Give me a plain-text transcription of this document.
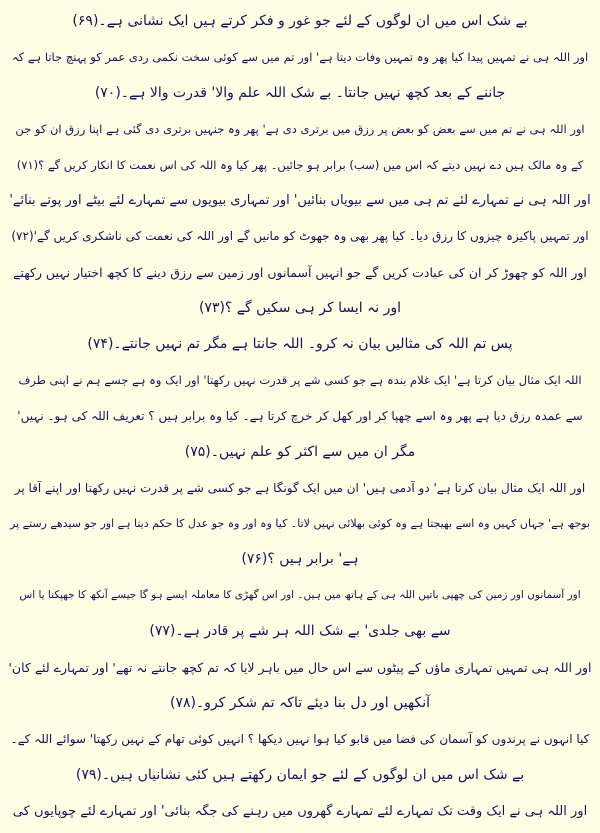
بے شک اس میں ان لوگوں کے لئے جو غور و فکر کرتے ہیں ایک نشانی ہے۔(۶۹)
اور اللہ ہی نے تمہیں پیدا کیا پھر وہ تمہیں وفات دیتا ہے' اور تم میں سے کوئی سخت نکمی ردی عمر کو پہنچ جاتا ہے کہ
جاننے کے بعد کچھ نہیں جانتا۔ بے شک اللہ علم والا' قدرت والا ہے۔(۷۰)
اور اللہ ہی نے تم میں سے بعض کو بعض پر رزق میں برتری دی ہے' پھر وہ جنہیں برتری دی گئی ہے اپنا رزق ان کو جن
کے وہ مالک ہیں دے نہیں دیتے کہ اس میں (سب) برابر ہو جائیں۔ پھر کیا وہ اللہ کی اس نعمت کا انکار کریں گے ؟(۷۱)
اور اللہ ہی نے تمہارے لئے تم ہی میں سے بیویاں بنائیں' اور تمہاری بیویوں سے تمہارے لئے بیٹے اور پوتے بنائے'
اور تمہیں پاکیزہ چیزوں کا رزق دیا۔ کیا پھر بھی وہ جھوٹ کو مانیں گے اور اللہ کی نعمت کی ناشکری کریں گے'(۷۲)
اور اللہ کو چھوڑ کر ان کی عبادت کریں گے جو انہیں آسمانوں اور زمین سے رزق دینے کا کچھ اختیار نہیں رکھتے
اور نہ ایسا کر ہی سکیں گے ؟(۷۳)
پس تم اللہ کی مثالیں بیان نہ کرو۔ اللہ جانتا ہے مگر تم نہیں جانتے۔(۷۴)
اللہ ایک مثال بیان کرتا ہے' ایک غلام بندہ ہے جو کسی شے پر قدرت نہیں رکھتا' اور ایک وہ ہے جسے ہم نے اپنی طرف
سے عمدہ رزق دیا ہے پھر وہ اسے چھپا کر اور کھل کر خرچ کرتا ہے۔ کیا وہ برابر ہیں ؟ تعریف اللہ کی ہو۔ نہیں'
مگر ان میں سے اکثر کو علم نہیں۔(۷۵)
اور اللہ ایک مثال بیان کرتا ہے' دو آدمی ہیں' ان میں ایک گونگا ہے جو کسی شے پر قدرت نہیں رکھتا اور اپنے آقا پر
بوجھ ہے' جہاں کہیں وہ اسے بھیجتا ہے وہ کوئی بھلائی نہیں لاتا۔ کیا وہ اور وہ جو عدل کا حکم دیتا ہے اور جو سیدھے رستے پر
ہے' برابر ہیں ؟(۷۶)
اور آسمانوں اور زمین کی چھپی باتیں اللہ ہی کے ہاتھ میں ہیں۔ اور اس گھڑی کا معاملہ ایسے ہو گا جیسے آنکھ کا جھپکنا یا اس
سے بھی جلدی' بے شک اللہ ہر شے پر قادر ہے۔(۷۷)
اور اللہ ہی تمہیں تمہاری ماؤں کے پیٹوں سے اس حال میں باہر لایا کہ تم کچھ جانتے نہ تھے' اور تمہارے لئے کان'
آنکھیں اور دل بنا دیئے تاکہ تم شکر کرو۔(۷۸)
کیا انہوں نے پرندوں کو آسمان کی فضا میں قابو کیا ہوا نہیں دیکھا ؟ انہیں کوئی تھام کے نہیں رکھتا' سوائے اللہ کے۔
بے شک اس میں ان لوگوں کے لئے جو ایمان رکھتے ہیں کئی نشانیاں ہیں۔(۷۹)
اور اللہ ہی نے ایک وقت تک تمہارے لئے تمہارے گھروں میں رہنے کی جگہ بنائی' اور تمہارے لئے چوپایوں کی
